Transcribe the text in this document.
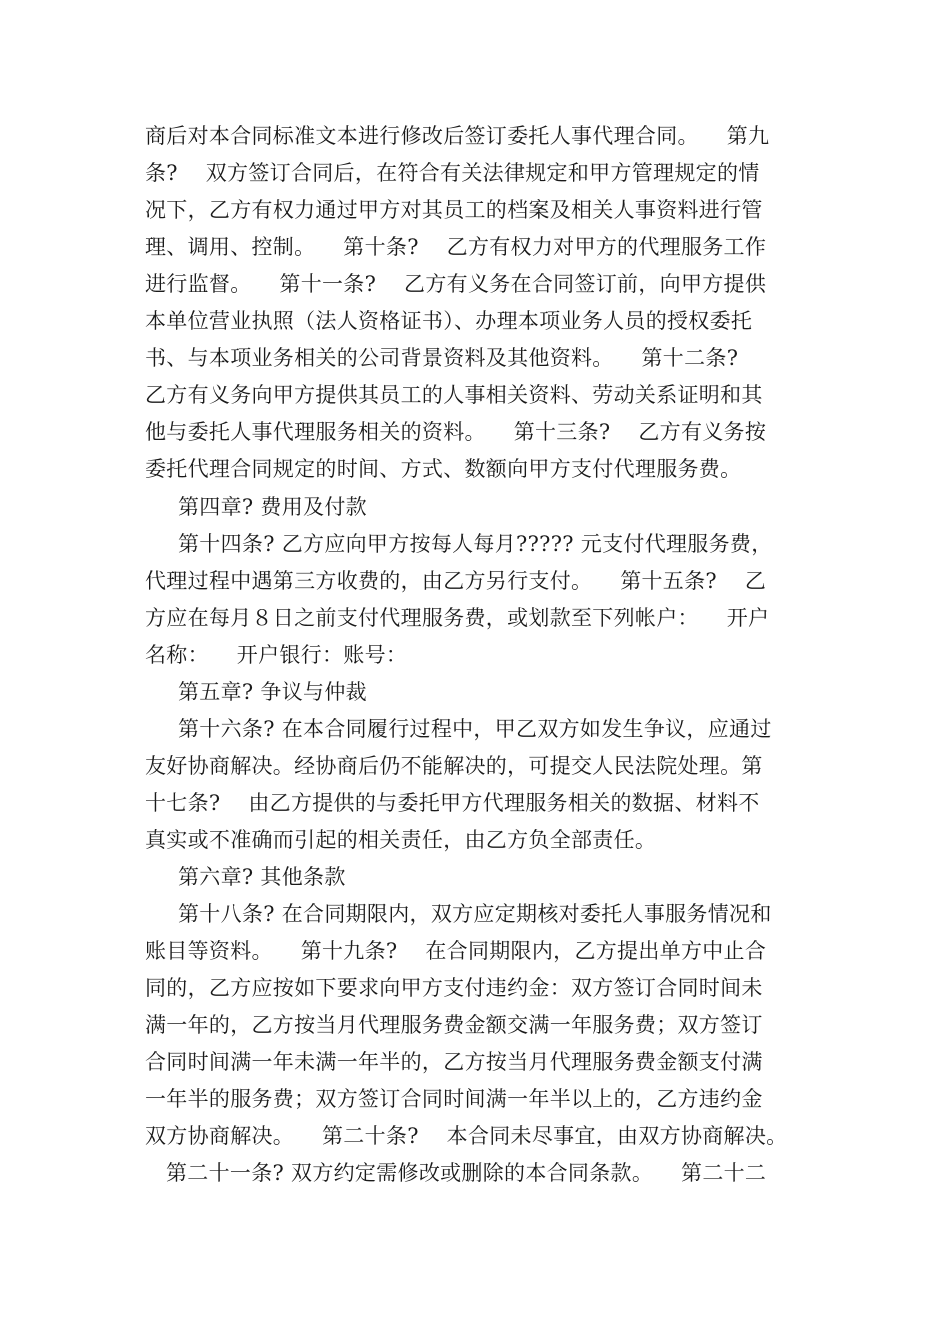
商后对本合同标准文本进行修改后签订委托人事代理合同。    第九
条?    双方签订合同后，在符合有关法律规定和甲方管理规定的情
况下，乙方有权力通过甲方对其员工的档案及相关人事资料进行管
理、调用、控制。    第十条?    乙方有权力对甲方的代理服务工作
进行监督。    第十一条?    乙方有义务在合同签订前，向甲方提供
本单位营业执照（法人资格证书）、办理本项业务人员的授权委托
书、与本项业务相关的公司背景资料及其他资料。    第十二条?
乙方有义务向甲方提供其员工的人事相关资料、劳动关系证明和其
他与委托人事代理服务相关的资料。    第十三条?    乙方有义务按
委托代理合同规定的时间、方式、数额向甲方支付代理服务费。
第四章? 费用及付款
第十四条? 乙方应向甲方按每人每月????? 元支付代理服务费，
代理过程中遇第三方收费的，由乙方另行支付。    第十五条?    乙
方应在每月８日之前支付代理服务费，或划款至下列帐户：    开户
名称：    开户银行：账号：
第五章? 争议与仲裁
第十六条? 在本合同履行过程中，甲乙双方如发生争议，应通过
友好协商解决。经协商后仍不能解决的，可提交人民法院处理。第
十七条?    由乙方提供的与委托甲方代理服务相关的数据、材料不
真实或不准确而引起的相关责任，由乙方负全部责任。
第六章? 其他条款
第十八条? 在合同期限内，双方应定期核对委托人事服务情况和
账目等资料。    第十九条?    在合同期限内，乙方提出单方中止合
同的，乙方应按如下要求向甲方支付违约金：双方签订合同时间未
满一年的，乙方按当月代理服务费金额交满一年服务费；双方签订
合同时间满一年未满一年半的，乙方按当月代理服务费金额支付满
一年半的服务费；双方签订合同时间满一年半以上的，乙方违约金
双方协商解决。    第二十条?    本合同未尽事宜，由双方协商解决。
第二十一条? 双方约定需修改或删除的本合同条款。    第二十二
